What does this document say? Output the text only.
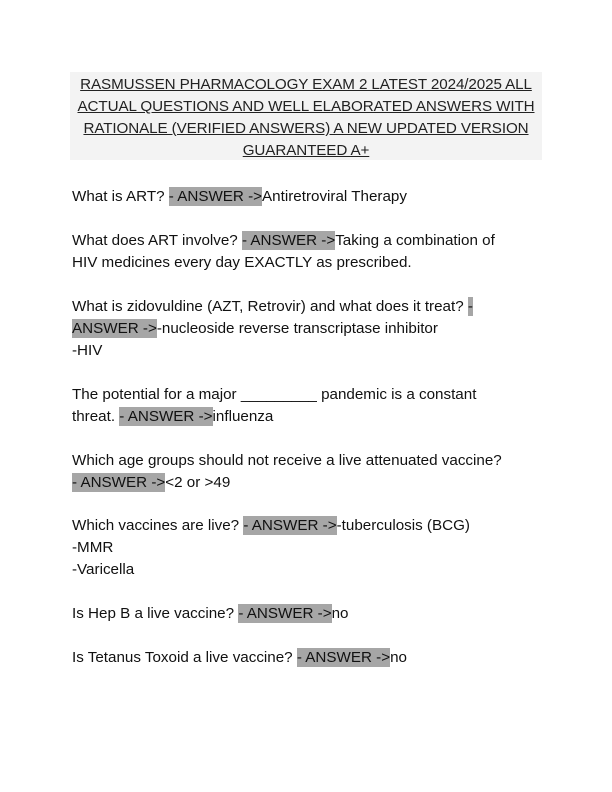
RASMUSSEN PHARMACOLOGY EXAM 2 LATEST 2024/2025 ALL
ACTUAL QUESTIONS AND WELL ELABORATED ANSWERS WITH
RATIONALE (VERIFIED ANSWERS) A NEW UPDATED VERSION
GUARANTEED A+

What is ART? - ANSWER ->Antiretroviral Therapy

What does ART involve? - ANSWER ->Taking a combination of
HIV medicines every day EXACTLY as prescribed.

What is zidovuldine (AZT, Retrovir) and what does it treat? -
ANSWER ->-nucleoside reverse transcriptase inhibitor
-HIV

The potential for a major _________ pandemic is a constant
threat. - ANSWER ->influenza

Which age groups should not receive a live attenuated vaccine?
- ANSWER -><2 or >49

Which vaccines are live? - ANSWER ->-tuberculosis (BCG)
-MMR
-Varicella

Is Hep B a live vaccine? - ANSWER ->no

Is Tetanus Toxoid a live vaccine? - ANSWER ->no
